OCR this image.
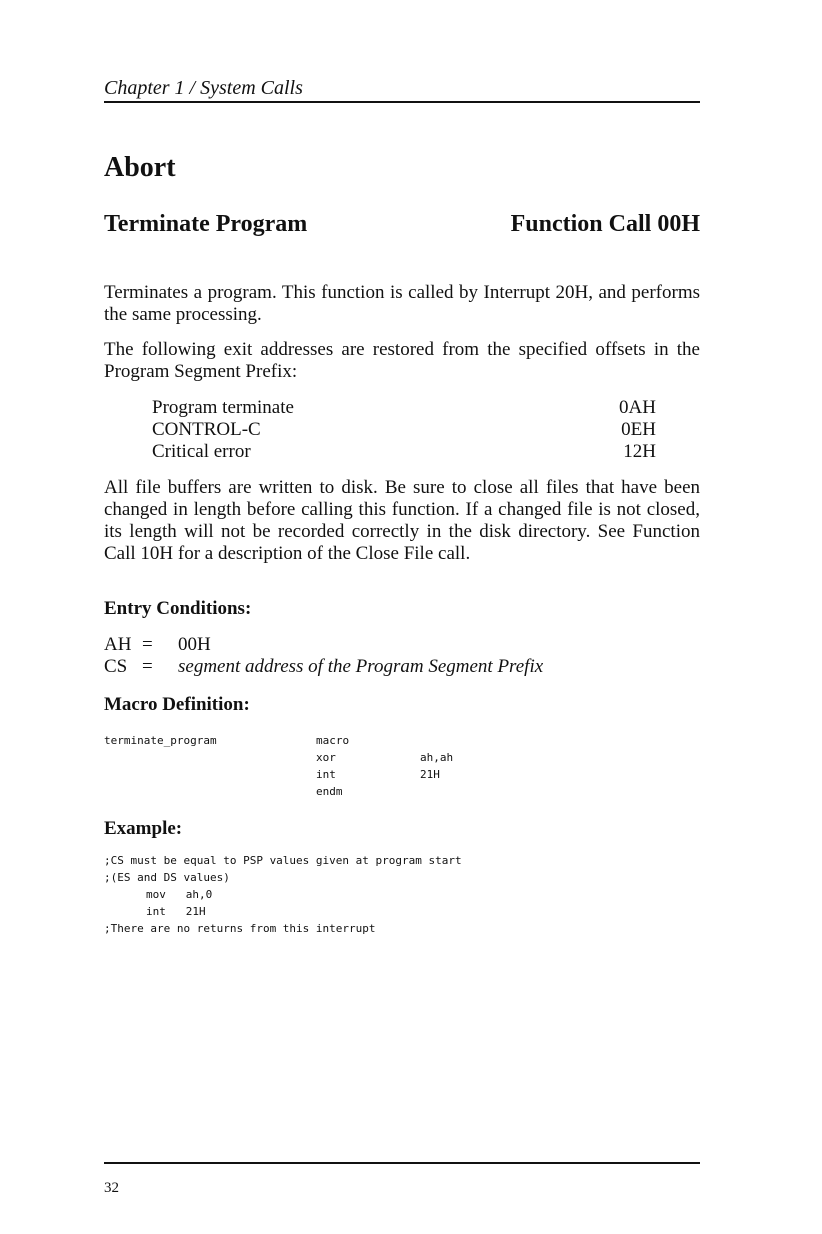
Chapter 1 / System Calls
Abort
Terminate Program	Function Call 00H
Terminates a program. This function is called by Interrupt 20H, and performs the same processing.
The following exit addresses are restored from the specified offsets in the Program Segment Prefix:
Program terminate	0AH
CONTROL-C	0EH
Critical error	12H
All file buffers are written to disk. Be sure to close all files that have been changed in length before calling this function. If a changed file is not closed, its length will not be recorded correctly in the disk directory. See Function Call 10H for a description of the Close File call.
Entry Conditions:
AH =	00H
CS =	segment address of the Program Segment Prefix
Macro Definition:
terminate_program	macro
xor	ah,ah
int	21H
endm
Example:
;CS must be equal to PSP values given at program start
;(ES and DS values)
mov   ah,0
int   21H
;There are no returns from this interrupt
32
